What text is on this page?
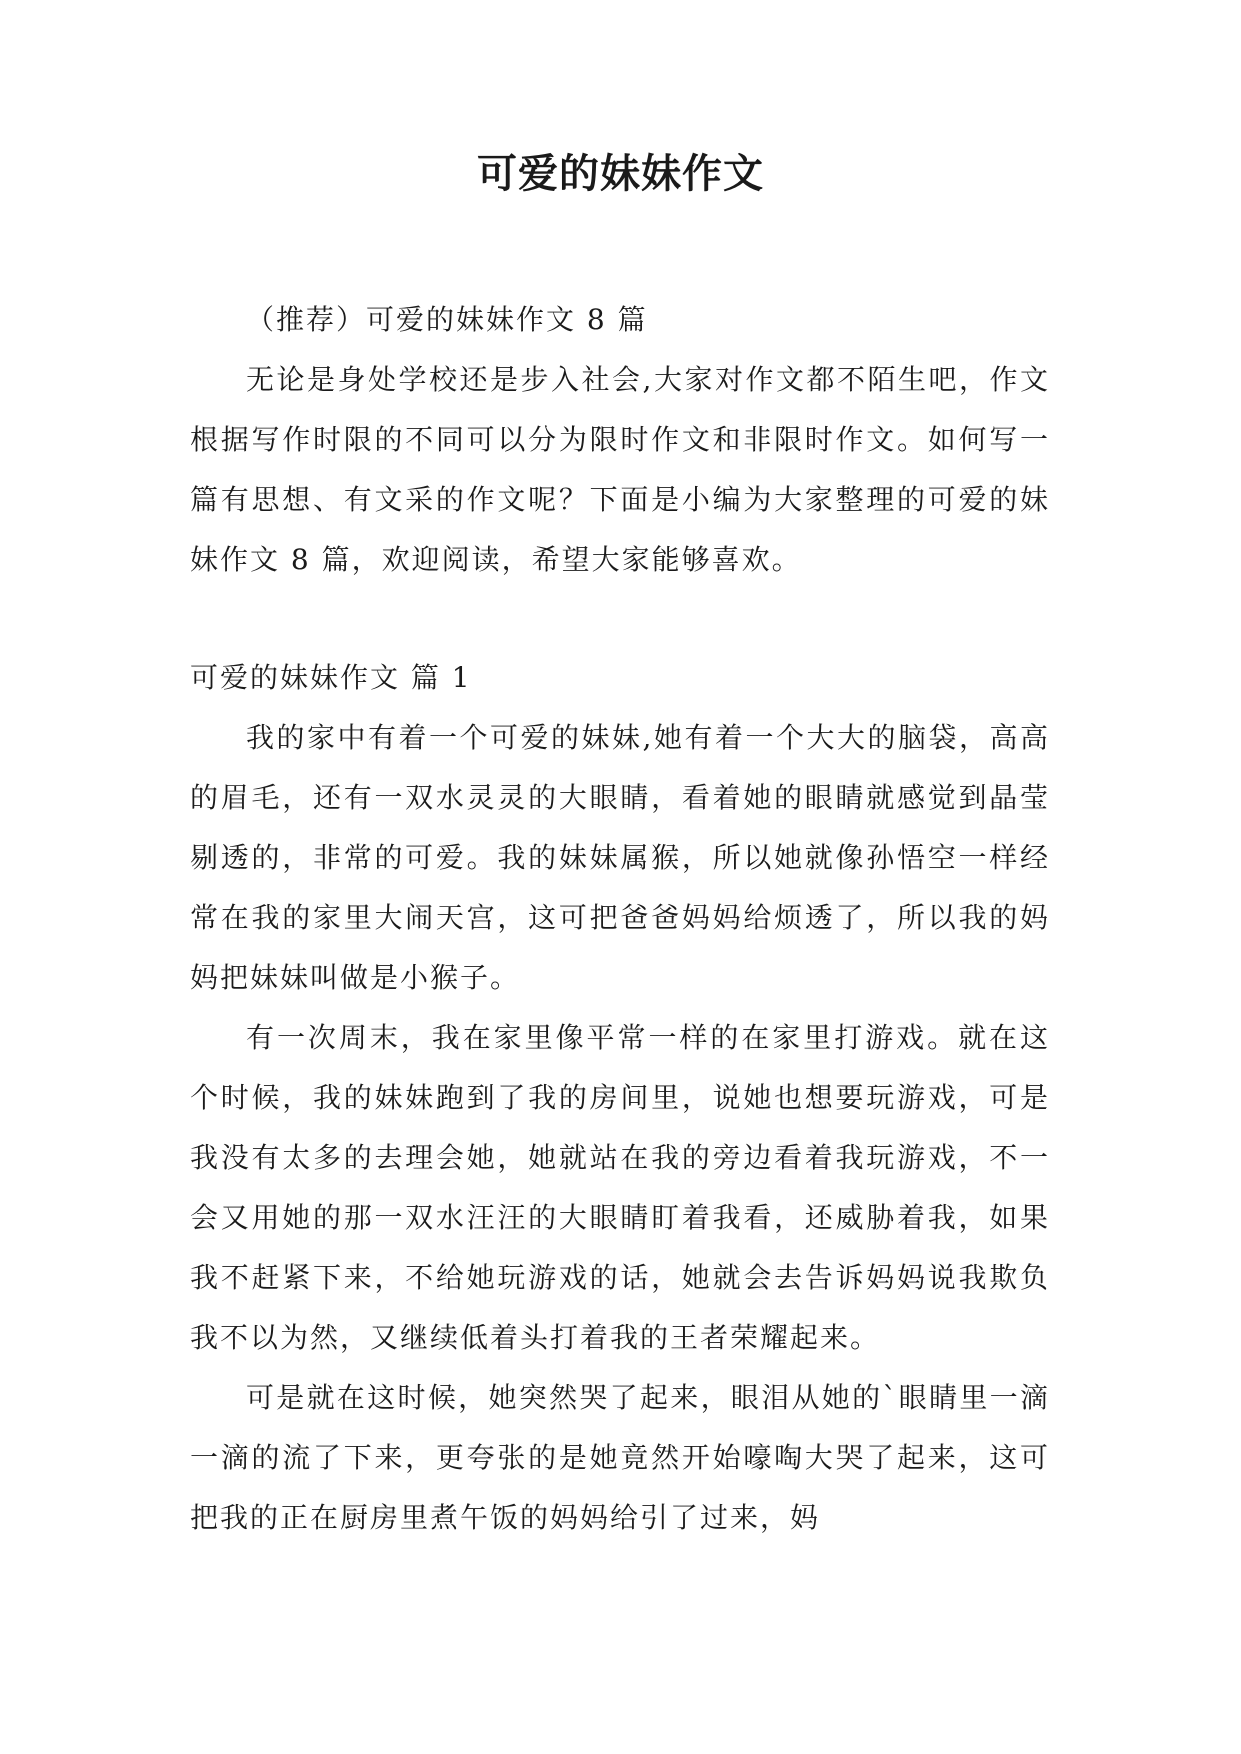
可爱的妹妹作文

（推荐）可爱的妹妹作文 8 篇

无论是身处学校还是步入社会,大家对作文都不陌生吧，作文根据写作时限的不同可以分为限时作文和非限时作文。如何写一篇有思想、有文采的作文呢？下面是小编为大家整理的可爱的妹妹作文 8 篇，欢迎阅读，希望大家能够喜欢。

可爱的妹妹作文 篇 1

我的家中有着一个可爱的妹妹,她有着一个大大的脑袋，高高的眉毛，还有一双水灵灵的大眼睛，看着她的眼睛就感觉到晶莹剔透的，非常的可爱。我的妹妹属猴，所以她就像孙悟空一样经常在我的家里大闹天宫，这可把爸爸妈妈给烦透了，所以我的妈妈把妹妹叫做是小猴子。

有一次周末，我在家里像平常一样的在家里打游戏。就在这个时候，我的妹妹跑到了我的房间里，说她也想要玩游戏，可是我没有太多的去理会她，她就站在我的旁边看着我玩游戏，不一会又用她的那一双水汪汪的大眼睛盯着我看，还威胁着我，如果我不赶紧下来，不给她玩游戏的话，她就会去告诉妈妈说我欺负我不以为然，又继续低着头打着我的王者荣耀起来。

可是就在这时候，她突然哭了起来，眼泪从她的`眼睛里一滴一滴的流了下来，更夸张的是她竟然开始嚎啕大哭了起来，这可把我的正在厨房里煮午饭的妈妈给引了过来，妈
